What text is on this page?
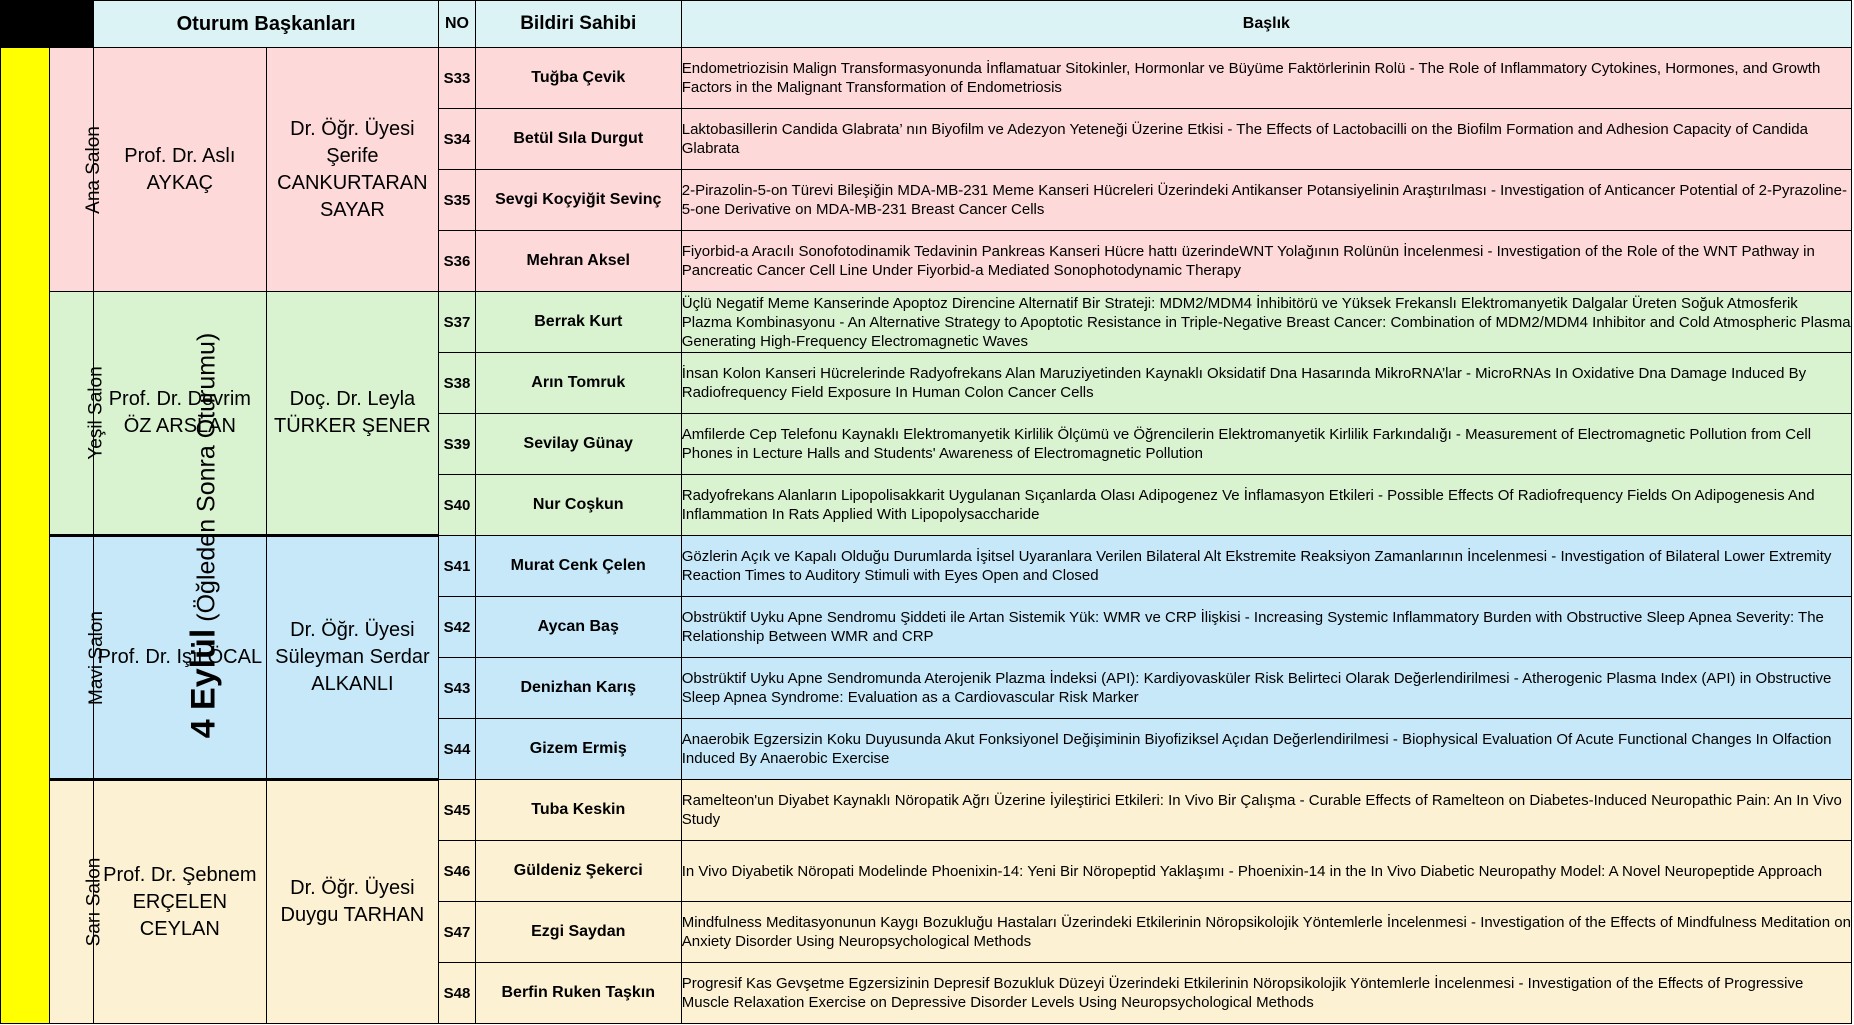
		Oturum Başkanları		NO	Bildiri Sahibi	Başlık
4 Eylül (Öğleden Sonra Oturumu)	Ana Salon	Prof. Dr. Aslı AYKAÇ	Dr. Öğr. Üyesi Şerife CANKURTARAN SAYAR	S33	Tuğba Çevik	Endometriozisin Malign Transformasyonunda İnflamatuar Sitokinler, Hormonlar ve Büyüme Faktörlerinin Rolü - The Role of Inflammatory Cytokines, Hormones, and Growth Factors in the Malignant Transformation of Endometriosis
				S34	Betül Sıla Durgut	Laktobasillerin Candida Glabrata’ nın Biyofilm ve Adezyon Yeteneği Üzerine Etkisi - The Effects of Lactobacilli on the Biofilm Formation and Adhesion Capacity of Candida Glabrata
				S35	Sevgi Koçyiğit Sevinç	2-Pirazolin-5-on Türevi Bileşiğin MDA-MB-231 Meme Kanseri Hücreleri Üzerindeki Antikanser Potansiyelinin Araştırılması - Investigation of Anticancer Potential of 2-Pyrazoline-5-one Derivative on MDA-MB-231 Breast Cancer Cells
				S36	Mehran Aksel	Fiyorbid-a Aracılı Sonofotodinamik Tedavinin Pankreas Kanseri Hücre hattı üzerindeWNT Yolağının Rolünün İncelenmesi - Investigation of the Role of the WNT Pathway in Pancreatic Cancer Cell Line Under Fiyorbid-a Mediated Sonophotodynamic Therapy
	Yeşil Salon	Prof. Dr. Devrim ÖZ ARSLAN	Doç. Dr. Leyla TÜRKER ŞENER	S37	Berrak Kurt	Üçlü Negatif Meme Kanserinde Apoptoz Direncine Alternatif Bir Strateji: MDM2/MDM4 İnhibitörü ve Yüksek Frekanslı Elektromanyetik Dalgalar Üreten Soğuk Atmosferik Plazma Kombinasyonu - An Alternative Strategy to Apoptotic Resistance in Triple-Negative Breast Cancer: Combination of MDM2/MDM4 Inhibitor and Cold Atmospheric Plasma Generating High-Frequency Electromagnetic Waves
				S38	Arın Tomruk	İnsan Kolon Kanseri Hücrelerinde Radyofrekans Alan Maruziyetinden Kaynaklı Oksidatif Dna Hasarında MikroRNA’lar - MicroRNAs In Oxidative Dna Damage Induced By Radiofrequency Field Exposure In Human Colon Cancer Cells
				S39	Sevilay Günay	Amfilerde Cep Telefonu Kaynaklı Elektromanyetik Kirlilik Ölçümü ve Öğrencilerin Elektromanyetik Kirlilik Farkındalığı - Measurement of Electromagnetic Pollution from Cell Phones in Lecture Halls and Students' Awareness of Electromagnetic Pollution
				S40	Nur Coşkun	Radyofrekans Alanların Lipopolisakkarit Uygulanan Sıçanlarda Olası Adipogenez Ve İnflamasyon Etkileri - Possible Effects Of Radiofrequency Fields On Adipogenesis And Inflammation In Rats Applied With Lipopolysaccharide
	Mavi Salon	Prof. Dr. Işıl ÖCAL	Dr. Öğr. Üyesi Süleyman Serdar ALKANLI	S41	Murat Cenk Çelen	Gözlerin Açık ve Kapalı Olduğu Durumlarda İşitsel Uyaranlara Verilen Bilateral Alt Ekstremite Reaksiyon Zamanlarının İncelenmesi - Investigation of Bilateral Lower Extremity Reaction Times to Auditory Stimuli with Eyes Open and Closed
				S42	Aycan Baş	Obstrüktif Uyku Apne Sendromu Şiddeti ile Artan Sistemik Yük: WMR ve CRP İlişkisi - Increasing Systemic Inflammatory Burden with Obstructive Sleep Apnea Severity: The Relationship Between WMR and CRP
				S43	Denizhan Karış	Obstrüktif Uyku Apne Sendromunda Aterojenik Plazma İndeksi (API): Kardiyovasküler Risk Belirteci Olarak Değerlendirilmesi - Atherogenic Plasma Index (API) in Obstructive Sleep Apnea Syndrome: Evaluation as a Cardiovascular Risk Marker
				S44	Gizem Ermiş	Anaerobik Egzersizin Koku Duyusunda Akut Fonksiyonel Değişiminin Biyofiziksel Açıdan Değerlendirilmesi - Biophysical Evaluation Of Acute Functional Changes In Olfaction Induced By Anaerobic Exercise
	Sarı Salon	Prof. Dr. Şebnem ERÇELEN CEYLAN	Dr. Öğr. Üyesi Duygu TARHAN	S45	Tuba Keskin	Ramelteon'un Diyabet Kaynaklı Nöropatik Ağrı Üzerine İyileştirici Etkileri: In Vivo Bir Çalışma - Curable Effects of Ramelteon on Diabetes-Induced Neuropathic Pain: An In Vivo Study
				S46	Güldeniz Şekerci	In Vivo Diyabetik Nöropati Modelinde Phoenixin-14: Yeni Bir Nöropeptid Yaklaşımı - Phoenixin-14 in the In Vivo Diabetic Neuropathy Model: A Novel Neuropeptide Approach
				S47	Ezgi Saydan	Mindfulness Meditasyonunun Kaygı Bozukluğu Hastaları Üzerindeki Etkilerinin Nöropsikolojik Yöntemlerle İncelenmesi - Investigation of the Effects of Mindfulness Meditation on Anxiety Disorder Using Neuropsychological Methods
				S48	Berfin Ruken Taşkın	Progresif Kas Gevşetme Egzersizinin Depresif Bozukluk Düzeyi Üzerindeki Etkilerinin Nöropsikolojik Yöntemlerle İncelenmesi - Investigation of the Effects of Progressive Muscle Relaxation Exercise on Depressive Disorder Levels Using Neuropsychological Methods
